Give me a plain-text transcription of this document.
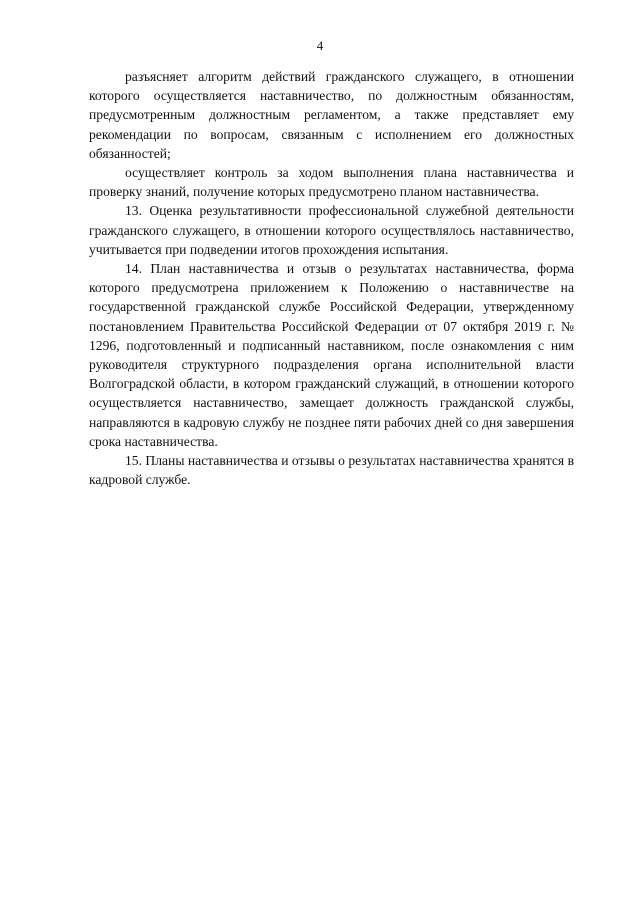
4

разъясняет алгоритм действий гражданского служащего, в отношении которого осуществляется наставничество, по должностным обязанностям, предусмотренным должностным регламентом, а также представляет ему рекомендации по вопросам, связанным с исполнением его должностных обязанностей;

осуществляет контроль за ходом выполнения плана наставничества и проверку знаний, получение которых предусмотрено планом наставничества.

13. Оценка результативности профессиональной служебной деятельности гражданского служащего, в отношении которого осуществлялось наставничество, учитывается при подведении итогов прохождения испытания.

14. План наставничества и отзыв о результатах наставничества, форма которого предусмотрена приложением к Положению о наставничестве на государственной гражданской службе Российской Федерации, утвержденному постановлением Правительства Российской Федерации от 07 октября 2019 г. № 1296, подготовленный и подписанный наставником, после ознакомления с ним руководителя структурного подразделения органа исполнительной власти Волгоградской области, в котором гражданский служащий, в отношении которого осуществляется наставничество, замещает должность гражданской службы, направляются в кадровую службу не позднее пяти рабочих дней со дня завершения срока наставничества.

15. Планы наставничества и отзывы о результатах наставничества хранятся в кадровой службе.
